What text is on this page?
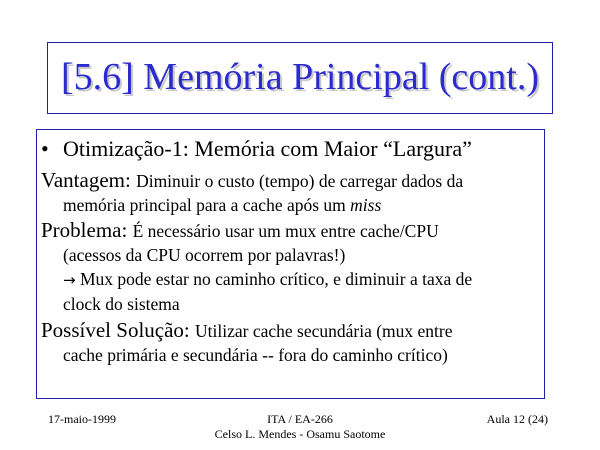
[5.6] Memória Principal (cont.)
• Otimização-1: Memória com Maior “Largura”
Vantagem: Diminuir o custo (tempo) de carregar dados da
memória principal para a cache após um miss
Problema: É necessário usar um mux entre cache/CPU
(acessos da CPU ocorrem por palavras!)
→ Mux pode estar no caminho crítico, e diminuir a taxa de
clock do sistema
Possível Solução: Utilizar cache secundária (mux entre
cache primária e secundária -- fora do caminho crítico)
17-maio-1999	ITA / EA-266
Celso L. Mendes - Osamu Saotome
Aula 12 (24)
